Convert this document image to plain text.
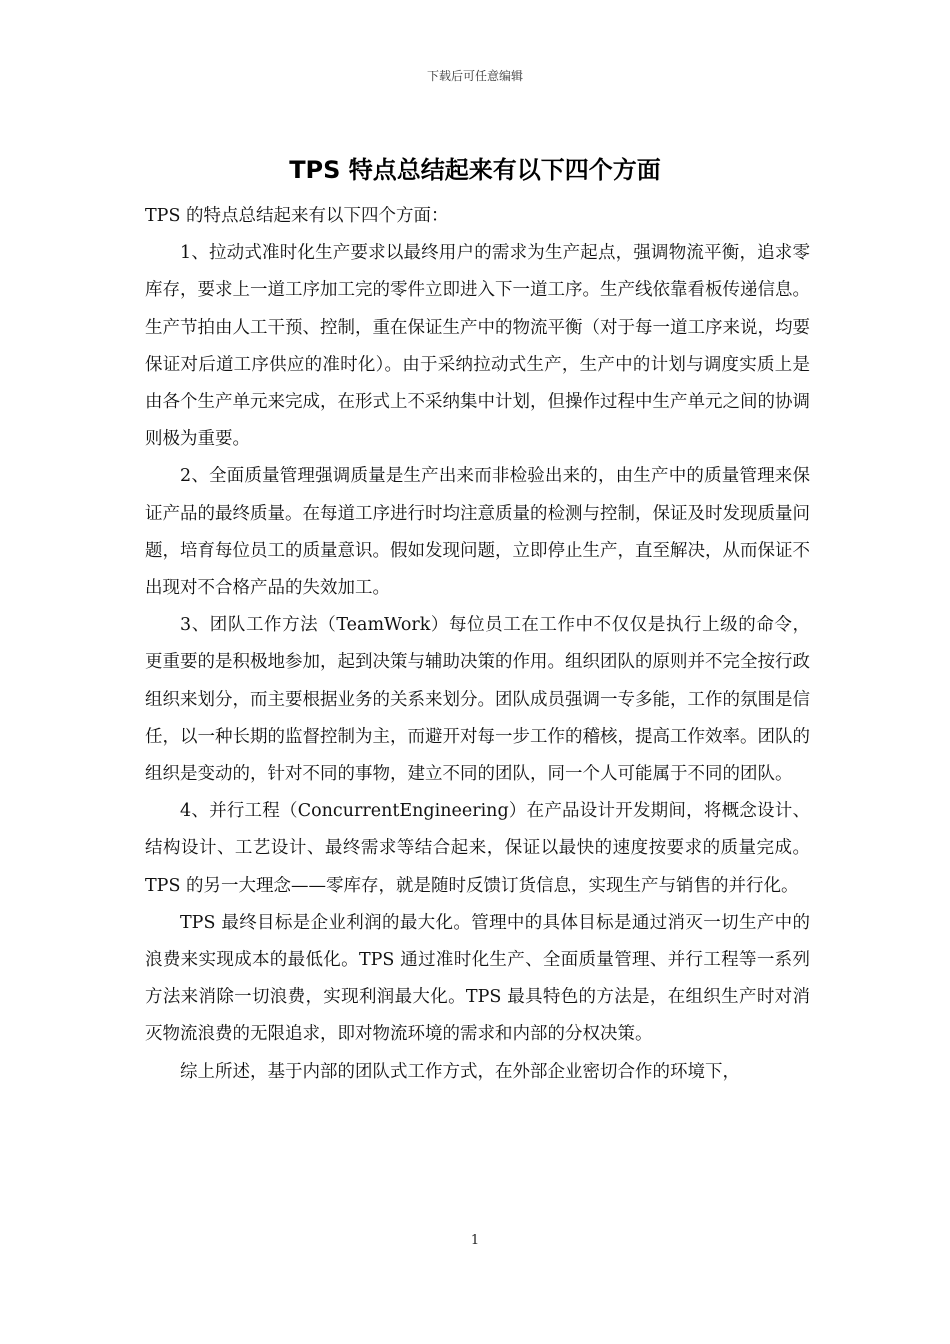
下载后可任意编辑
TPS 特点总结起来有以下四个方面

TPS 的特点总结起来有以下四个方面：

1、拉动式准时化生产要求以最终用户的需求为生产起点，强调物流平衡，追求零库存，要求上一道工序加工完的零件立即进入下一道工序。生产线依靠看板传递信息。生产节拍由人工干预、控制，重在保证生产中的物流平衡（对于每一道工序来说，均要保证对后道工序供应的准时化）。由于采纳拉动式生产，生产中的计划与调度实质上是由各个生产单元来完成，在形式上不采纳集中计划，但操作过程中生产单元之间的协调则极为重要。

2、全面质量管理强调质量是生产出来而非检验出来的，由生产中的质量管理来保证产品的最终质量。在每道工序进行时均注意质量的检测与控制，保证及时发现质量问题，培育每位员工的质量意识。假如发现问题，立即停止生产，直至解决，从而保证不出现对不合格产品的失效加工。

3、团队工作方法（TeamWork）每位员工在工作中不仅仅是执行上级的命令，更重要的是积极地参加，起到决策与辅助决策的作用。组织团队的原则并不完全按行政组织来划分，而主要根据业务的关系来划分。团队成员强调一专多能，工作的氛围是信任，以一种长期的监督控制为主，而避开对每一步工作的稽核，提高工作效率。团队的组织是变动的，针对不同的事物，建立不同的团队，同一个人可能属于不同的团队。

4、并行工程（ConcurrentEngineering）在产品设计开发期间，将概念设计、结构设计、工艺设计、最终需求等结合起来，保证以最快的速度按要求的质量完成。TPS 的另一大理念——零库存，就是随时反馈订货信息，实现生产与销售的并行化。

TPS 最终目标是企业利润的最大化。管理中的具体目标是通过消灭一切生产中的浪费来实现成本的最低化。TPS 通过准时化生产、全面质量管理、并行工程等一系列方法来消除一切浪费，实现利润最大化。TPS 最具特色的方法是，在组织生产时对消灭物流浪费的无限追求，即对物流环境的需求和内部的分权决策。

综上所述，基于内部的团队式工作方式，在外部企业密切合作的环境下，

1
